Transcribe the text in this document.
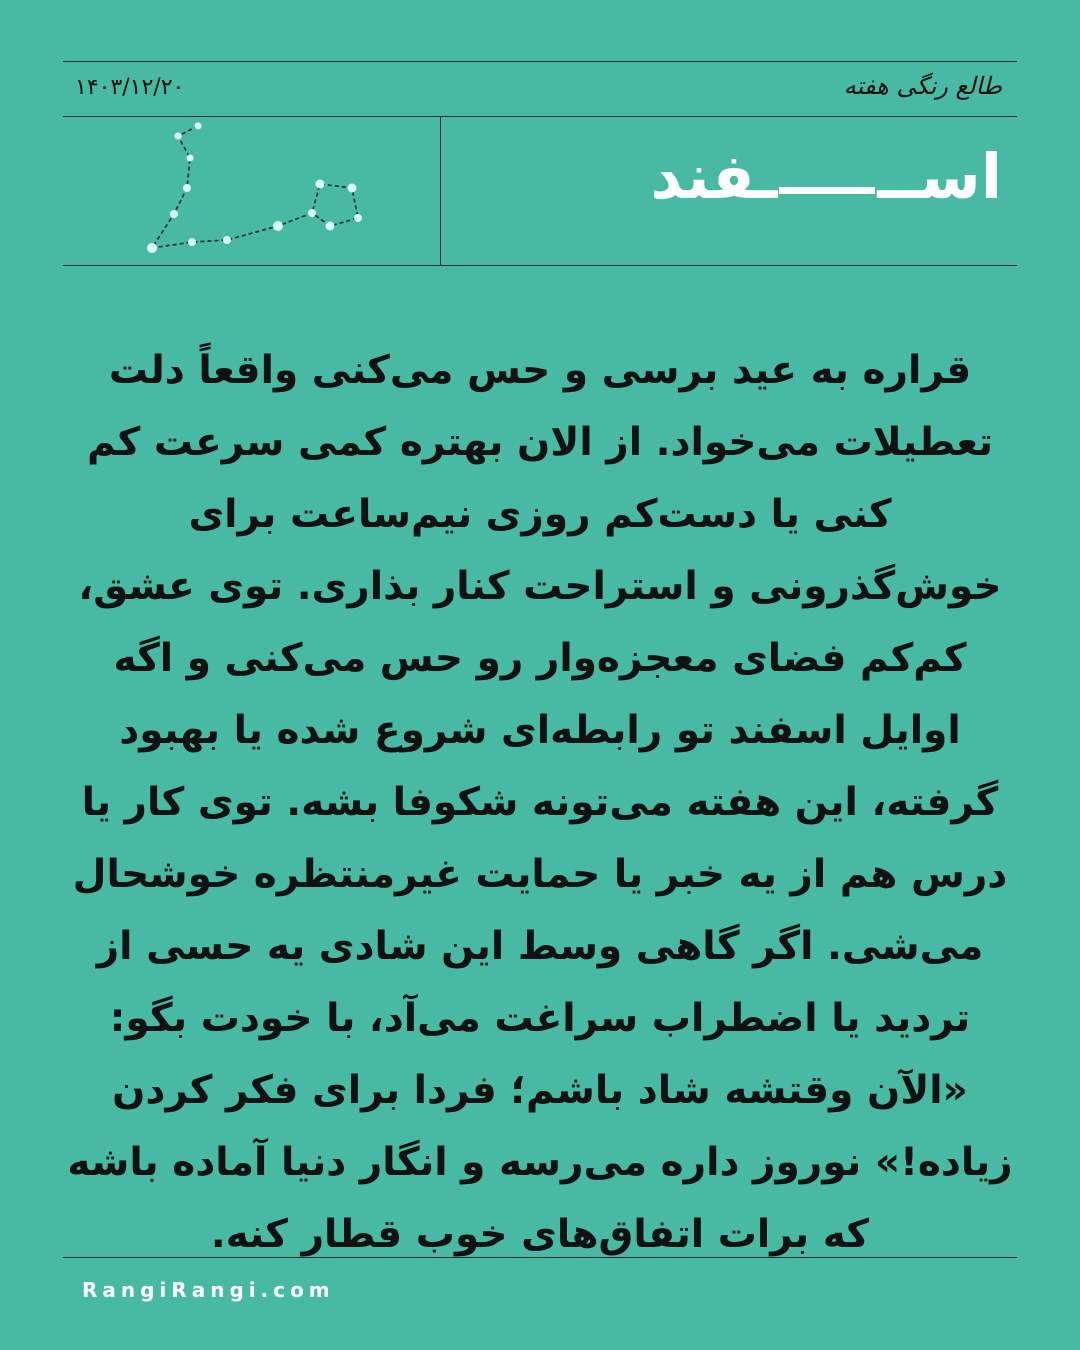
طالع رنگی هفته
۱۴۰۳/۱۲/۲۰
اســـفند
قراره به عید برسی و حس می‌کنی واقعاً دلت تعطیلات می‌خواد. از الان بهتره کمی سرعت کم کنی یا دست‌کم روزی نیم‌ساعت برای خوش‌گذرونی و استراحت کنار بذاری. توی عشق، کم‌کم فضای معجزه‌وار رو حس می‌کنی و اگه اوایل اسفند تو رابطه‌ای شروع شده یا بهبود گرفته، این هفته می‌تونه شکوفا بشه. توی کار یا درس هم از یه خبر یا حمایت غیرمنتظره خوشحال می‌شی. اگر گاهی وسط این شادی یه حسی از تردید یا اضطراب سراغت می‌آد، با خودت بگو: «الآن وقتشه شاد باشم؛ فردا برای فکر کردن زیاده!» نوروز داره می‌رسه و انگار دنیا آماده باشه که برات اتفاق‌های خوب قطار کنه.
RangiRangi.com
